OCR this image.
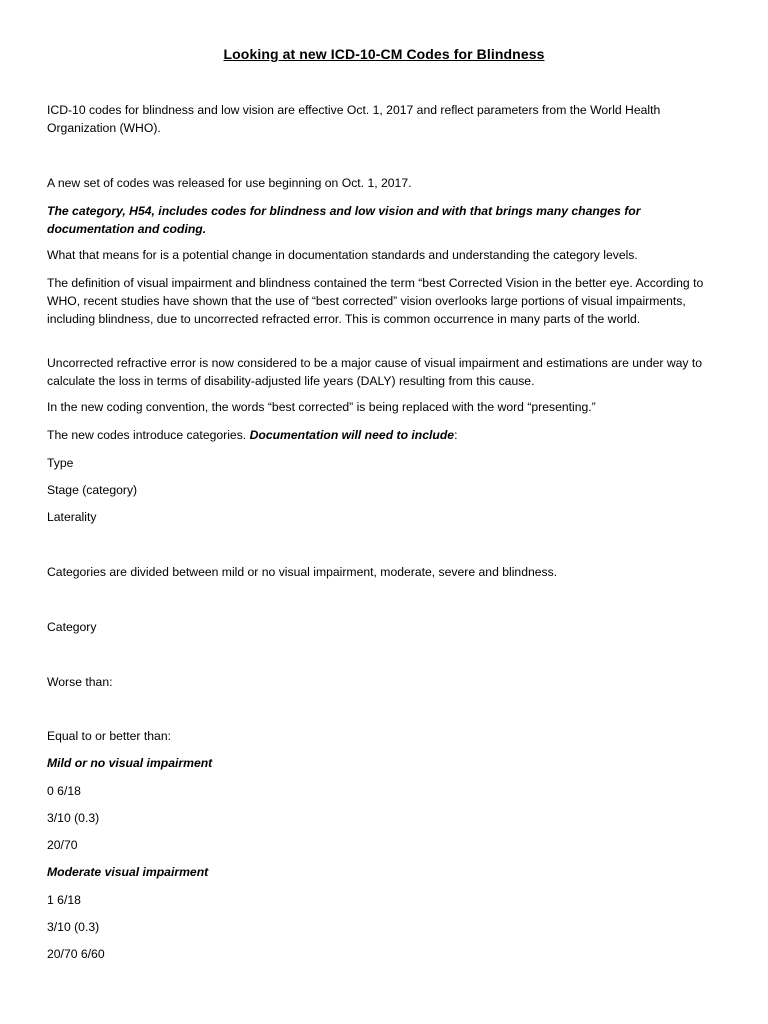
Looking at new ICD-10-CM Codes for Blindness
ICD-10 codes for blindness and low vision are effective Oct. 1, 2017 and reflect parameters from the World Health Organization (WHO).
A new set of codes was released for use beginning on Oct. 1, 2017.
The category, H54, includes codes for blindness and low vision and with that brings many changes for documentation and coding.
What that means for is a potential change in documentation standards and understanding the category levels.
The definition of visual impairment and blindness contained the term “best Corrected Vision in the better eye. According to WHO, recent studies have shown that the use of “best corrected” vision overlooks large portions of visual impairments, including blindness, due to uncorrected refracted error. This is common occurrence in many parts of the world.
Uncorrected refractive error is now considered to be a major cause of visual impairment and estimations are under way to calculate the loss in terms of disability-adjusted life years (DALY) resulting from this cause.
In the new coding convention, the words “best corrected” is being replaced with the word “presenting.”
The new codes introduce categories. Documentation will need to include:
Type
Stage (category)
Laterality
Categories are divided between mild or no visual impairment, moderate, severe and blindness.
Category
Worse than:
Equal to or better than:
Mild or no visual impairment
0 6/18
3/10 (0.3)
20/70
Moderate visual impairment
1 6/18
3/10 (0.3)
20/70 6/60
